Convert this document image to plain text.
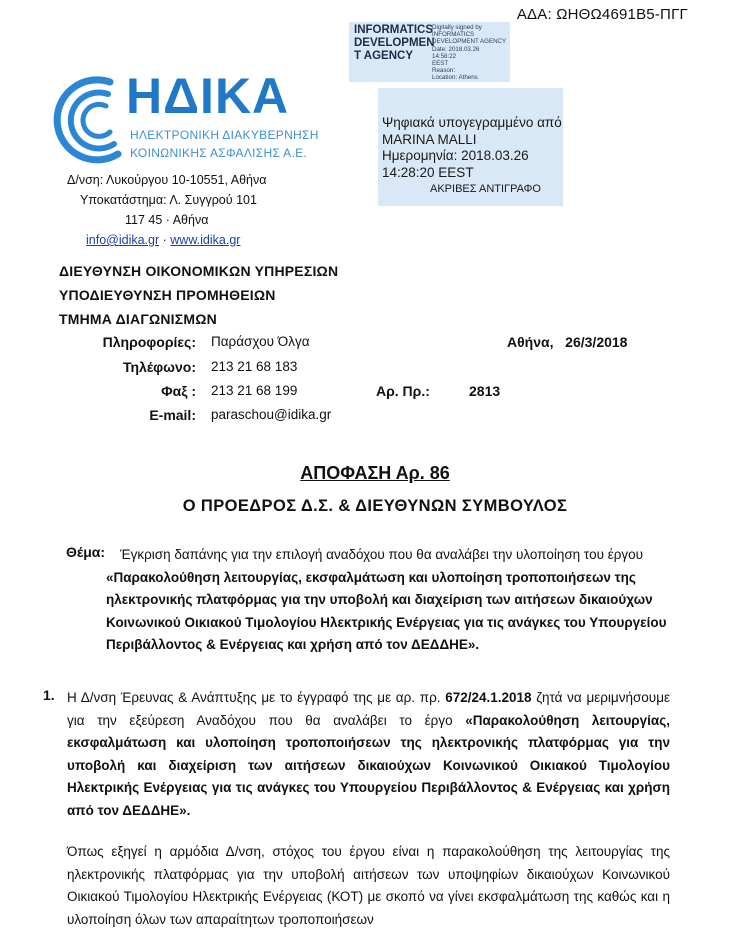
ΑΔΑ: ΩΗΘΩ4691Β5-ΠΓΓ
ΗΔΙΚΑ
ΗΛΕΚΤΡΟΝΙΚΗ ΔΙΑΚΥΒΕΡΝΗΣΗ
ΚΟΙΝΩΝΙΚΗΣ ΑΣΦΑΛΙΣΗΣ Α.Ε.
Δ/νση: Λυκούργου 10-10551, Αθήνα
Υποκατάστημα: Λ. Συγγρού 101
117 45 · Αθήνα
info@idika.gr · www.idika.gr
INFORMATICS DEVELOPMEN T AGENCY
Digitally signed by
INFORMATICS
DEVELOPMENT AGENCY
Date: 2018.03.26
14:58:22
EEST
Reason:
Location: Athens
Ψηφιακά υπογεγραμμένο από
MARINA MALLI
Ημερομηνία: 2018.03.26
14:28:20 EEST
ΑΚΡΙΒΕΣ ΑΝΤΙΓΡΑΦΟ
ΔΙΕΥΘΥΝΣΗ ΟΙΚΟΝΟΜΙΚΩΝ ΥΠΗΡΕΣΙΩΝ
ΥΠΟΔΙΕΥΘΥΝΣΗ ΠΡΟΜΗΘΕΙΩΝ
ΤΜΗΜΑ ΔΙΑΓΩΝΙΣΜΩΝ
Πληροφορίες: Παράσχου Όλγα
Τηλέφωνο: 213 21 68 183
Φαξ : 213 21 68 199
E-mail: paraschou@idika.gr
Αθήνα,   26/3/2018
Αρ. Πρ.:	2813
ΑΠΟΦΑΣΗ Αρ. 86
Ο ΠΡΟΕΔΡΟΣ Δ.Σ. & ΔΙΕΥΘΥΝΩΝ ΣΥΜΒΟΥΛΟΣ
Θέμα:	Έγκριση δαπάνης για την επιλογή αναδόχου που θα αναλάβει την υλοποίηση του έργου «Παρακολούθηση λειτουργίας, εκσφαλμάτωση και υλοποίηση τροποποιήσεων της ηλεκτρονικής πλατφόρμας για την υποβολή και διαχείριση των αιτήσεων δικαιούχων Κοινωνικού Οικιακού Τιμολογίου Ηλεκτρικής Ενέργειας για τις ανάγκες του Υπουργείου Περιβάλλοντος & Ενέργειας και χρήση από τον ΔΕΔΔΗΕ».
1. Η Δ/νση Έρευνας & Ανάπτυξης με το έγγραφό της με αρ. πρ. 672/24.1.2018 ζητά να μεριμνήσουμε για την εξεύρεση Αναδόχου που θα αναλάβει το έργο «Παρακολούθηση λειτουργίας, εκσφαλμάτωση και υλοποίηση τροποποιήσεων της ηλεκτρονικής πλατφόρμας για την υποβολή και διαχείριση των αιτήσεων δικαιούχων Κοινωνικού Οικιακού Τιμολογίου Ηλεκτρικής Ενέργειας για τις ανάγκες του Υπουργείου Περιβάλλοντος & Ενέργειας και χρήση από τον ΔΕΔΔΗΕ».
Όπως εξηγεί η αρμόδια Δ/νση, στόχος του έργου είναι η παρακολούθηση της λειτουργίας της ηλεκτρονικής πλατφόρμας για την υποβολή αιτήσεων των υποψηφίων δικαιούχων Κοινωνικού Οικιακού Τιμολογίου Ηλεκτρικής Ενέργειας (ΚΟΤ) με σκοπό να γίνει εκσφαλμάτωση της καθώς και η υλοποίηση όλων των απαραίτητων τροποποιήσεων
